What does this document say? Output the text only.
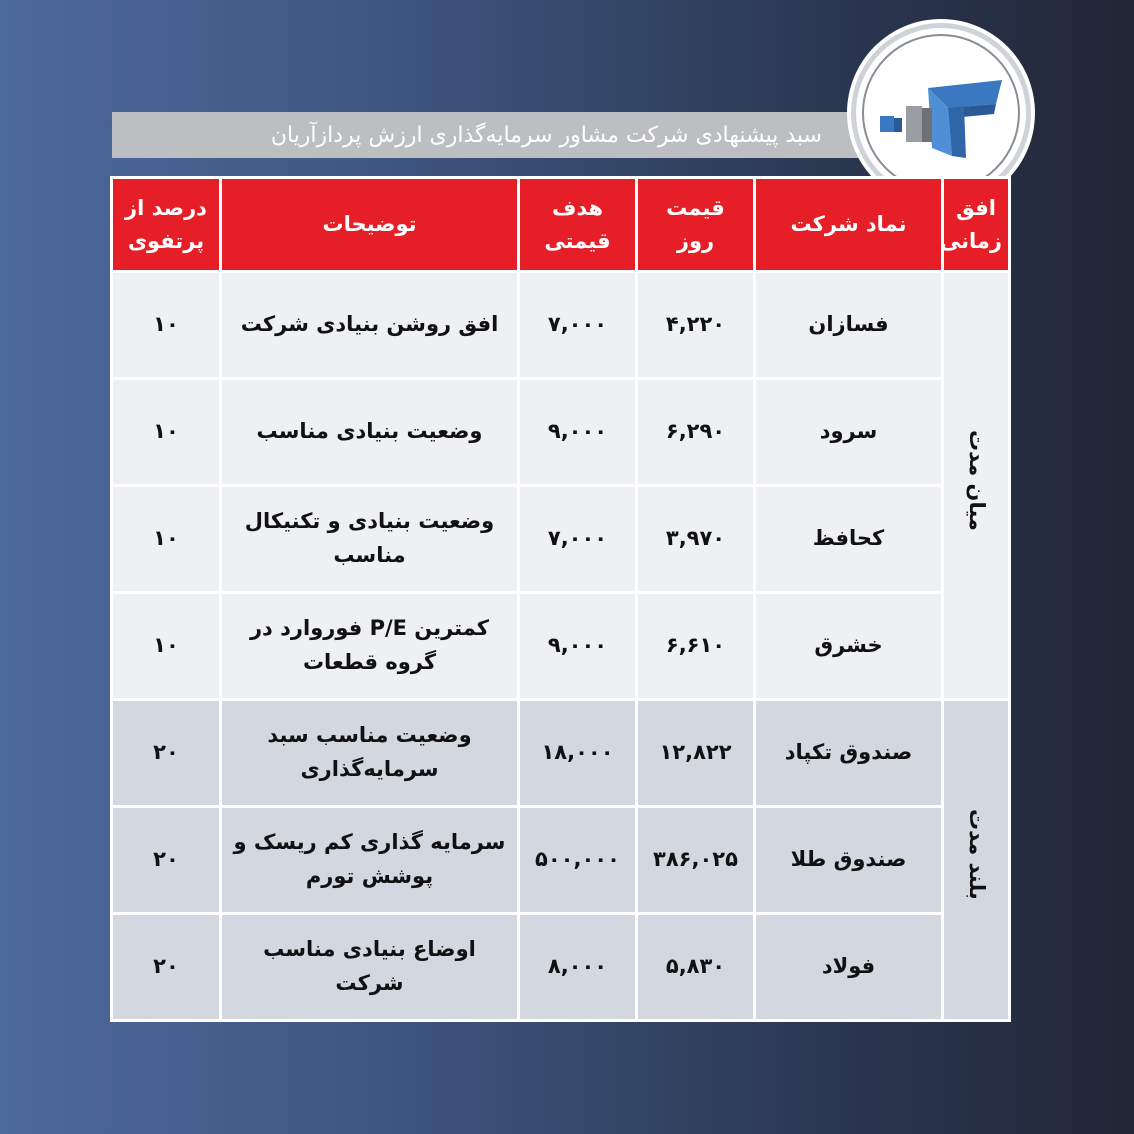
سبد پیشنهادی شرکت مشاور سرمایه‌گذاری ارزش پردازآریان
افق زمانی	نماد شرکت	قیمت روز	هدف قیمتی	توضیحات	درصد از پرتفوی
میان مدت	فسازان	۴,۲۲۰	۷,۰۰۰	افق روشن بنیادی شرکت	۱۰
	سرود	۶,۲۹۰	۹,۰۰۰	وضعیت بنیادی مناسب	۱۰
	کحافظ	۳,۹۷۰	۷,۰۰۰	وضعیت بنیادی و تکنیکال مناسب	۱۰
	خشرق	۶,۶۱۰	۹,۰۰۰	کمترین P/E فوروارد در گروه قطعات	۱۰
بلند مدت	صندوق تکپاد	۱۲,۸۲۲	۱۸,۰۰۰	وضعیت مناسب سبد سرمایه‌گذاری	۲۰
	صندوق طلا	۳۸۶,۰۲۵	۵۰۰,۰۰۰	سرمایه گذاری کم ریسک و پوشش تورم	۲۰
	فولاد	۵,۸۳۰	۸,۰۰۰	اوضاع بنیادی مناسب شرکت	۲۰
